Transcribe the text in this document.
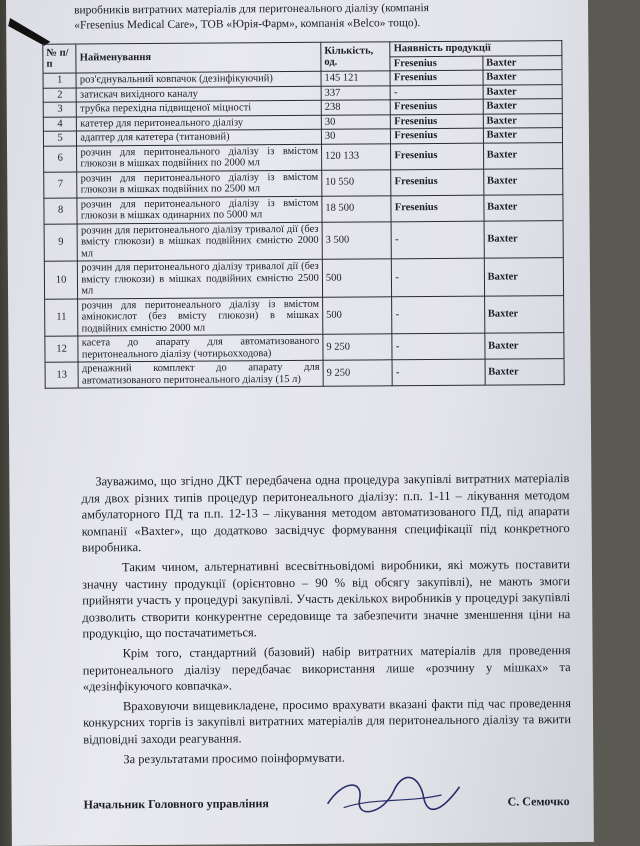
виробників витратних матеріалів для перитонеального діалізу (компанія
«Fresenius Medical Care», ТОВ «Юрія-Фарм», компанія «Belco» тощо).
№ п/п	Найменування	Кількість, од.	Наявність продукції	
			Fresenius	Baxter
1	роз'єднувальний ковпачок (дезінфікуючий)	145 121	Fresenius	Baxter
2	затискач вихідного каналу	337	-	Baxter
3	трубка перехідна підвищеної міцності	238	Fresenius	Baxter
4	катетер для перитонеального діалізу	30	Fresenius	Baxter
5	адаптер для катетера (титановий)	30	Fresenius	Baxter
6	розчин для перитонеального діалізу із вмістом глюкози в мішках подвійних по 2000 мл	120 133	Fresenius	Baxter
7	розчин для перитонеального діалізу із вмістом глюкози в мішках подвійних по 2500 мл	10 550	Fresenius	Baxter
8	розчин для перитонеального діалізу із вмістом глюкози в мішках одинарних по 5000 мл	18 500	Fresenius	Baxter
9	розчин для перитонеального діалізу тривалої дії (без вмісту глюкози) в мішках подвійних ємністю 2000 мл	3 500	-	Baxter
10	розчин для перитонеального діалізу тривалої дії (без вмісту глюкози) в мішках подвійних ємністю 2500 мл	500	-	Baxter
11	розчин для перитонеального діалізу із вмістом амінокислот (без вмісту глюкози) в мішках подвійних ємністю 2000 мл	500	-	Baxter
12	касета до апарату для автоматизованого перитонеального діалізу (чотирьохходова)	9 250	-	Baxter
13	дренажний комплект до апарату для автоматизованого перитонеального діалізу (15 л)	9 250	-	Baxter

Зауважимо, що згідно ДКТ передбачена одна процедура закупівлі витратних матеріалів для двох різних типів процедур перитонеального діалізу: п.п. 1-11 – лікування методом амбулаторного ПД та п.п. 12-13 – лікування методом автоматизованого ПД, під апарати компанії «Baxter», що додатково засвідчує формування специфікації під конкретного виробника.

Таким чином, альтернативні всесвітньовідомі виробники, які можуть поставити значну частину продукції (орієнтовно – 90 % від обсягу закупівлі), не мають змоги прийняти участь у процедурі закупівлі. Участь декількох виробників у процедурі закупівлі дозволить створити конкурентне середовище та забезпечити значне зменшення ціни на продукцію, що постачатиметься.

Крім того, стандартний (базовий) набір витратних матеріалів для проведення перитонеального діалізу передбачає використання лише «розчину у мішках» та «дезінфікуючого ковпачка».

Враховуючи вищевикладене, просимо врахувати вказані факти під час проведення конкурсних торгів із закупівлі витратних матеріалів для перитонеального діалізу та вжити відповідні заходи реагування.

За результатами просимо поінформувати.

Начальник Головного управління	С. Семочко
